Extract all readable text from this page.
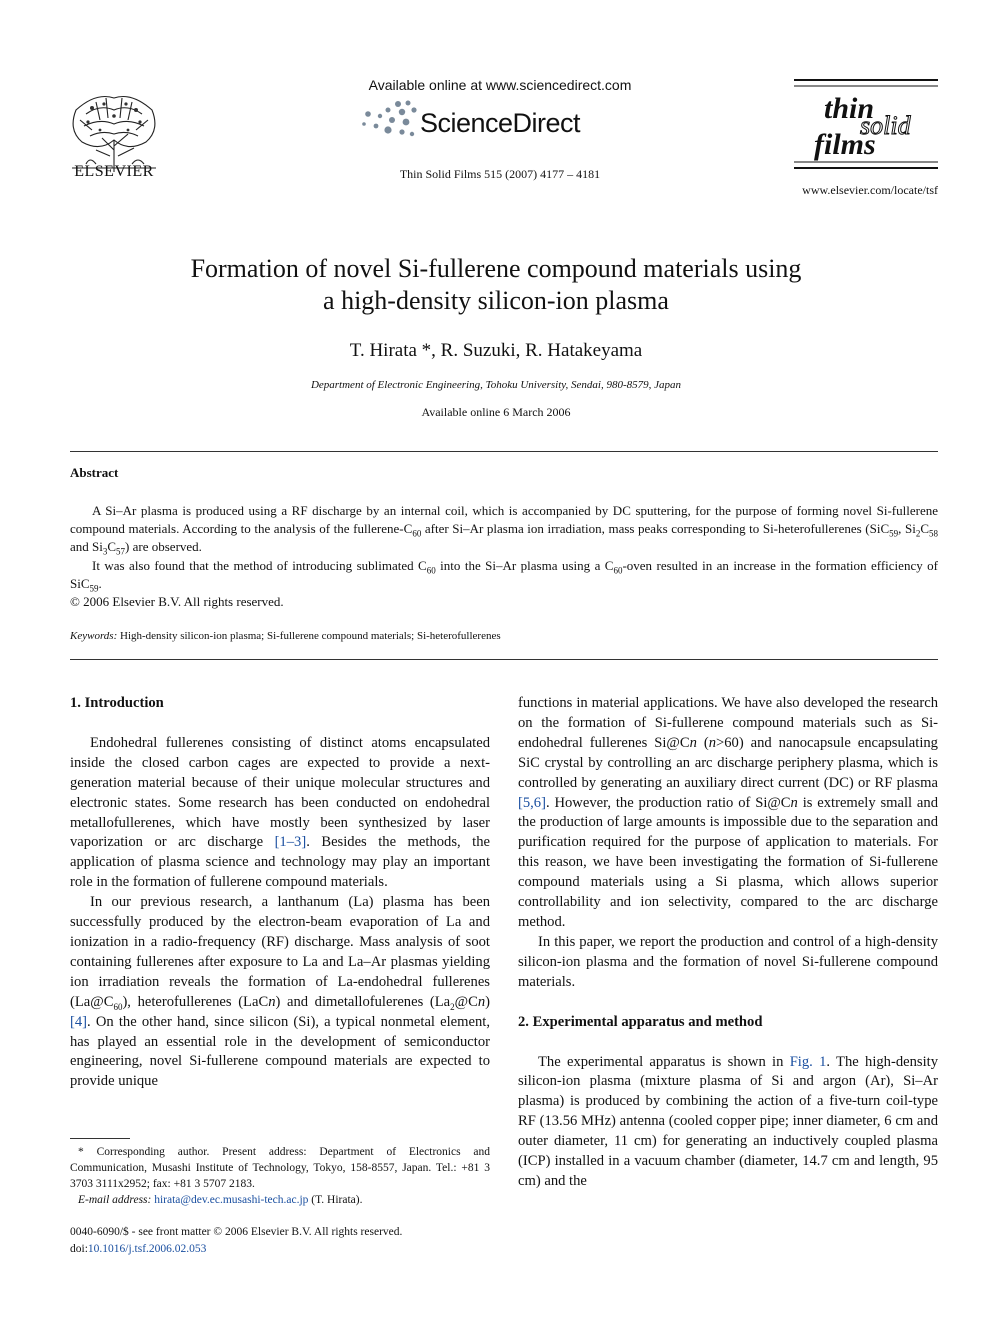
ELSEVIER
Available online at www.sciencedirect.com
ScienceDirect
Thin Solid Films 515 (2007) 4177 – 4181
thin
solid
films
www.elsevier.com/locate/tsf
Formation of novel Si-fullerene compound materials using
a high-density silicon-ion plasma
T. Hirata *, R. Suzuki, R. Hatakeyama
Department of Electronic Engineering, Tohoku University, Sendai, 980-8579, Japan
Available online 6 March 2006
Abstract

A Si–Ar plasma is produced using a RF discharge by an internal coil, which is accompanied by DC sputtering, for the purpose of forming novel Si-fullerene compound materials. According to the analysis of the fullerene-$C_{60}$ after Si–Ar plasma ion irradiation, mass peaks corresponding to Si-heterofullerenes (SiC$_{59}$, $Si_2C_{58}$ and $Si_3C_{57}$) are observed.

It was also found that the method of introducing sublimated $C_{60}$ into the Si–Ar plasma using a $C_{60}$-oven resulted in an increase in the formation efficiency of SiC$_{59}$.

© 2006 Elsevier B.V. All rights reserved.

Keywords: High-density silicon-ion plasma; Si-fullerene compound materials; Si-heterofullerenes
1. Introduction

Endohedral fullerenes consisting of distinct atoms encapsulated inside the closed carbon cages are expected to provide a next-generation material because of their unique molecular structures and electronic states. Some research has been conducted on endohedral metallofullerenes, which have mostly been synthesized by laser vaporization or arc discharge [1–3]. Besides the methods, the application of plasma science and technology may play an important role in the formation of fullerene compound materials.

In our previous research, a lanthanum (La) plasma has been successfully produced by the electron-beam evaporation of La and ionization in a radio-frequency (RF) discharge. Mass analysis of soot containing fullerenes after exposure to La and La–Ar plasmas yielding ion irradiation reveals the formation of La-endohedral fullerenes $(La@C_{60})$, heterofullerenes (LaCn) and dimetallofulerenes $(La_2@Cn)$ [4]. On the other hand, since silicon (Si), a typical nonmetal element, has played an essential role in the development of semiconductor engineering, novel Si-fullerene compound materials are expected to provide unique

functions in material applications. We have also developed the research on the formation of Si-fullerene compound materials such as Si-endohedral fullerenes Si@Cn (n>60) and nanocapsule encapsulating SiC crystal by controlling an arc discharge periphery plasma, which is controlled by generating an auxiliary direct current (DC) or RF plasma [5,6]. However, the production ratio of Si@Cn is extremely small and the production of large amounts is impossible due to the separation and purification required for the purpose of application to materials. For this reason, we have been investigating the formation of Si-fullerene compound materials using a Si plasma, which allows superior controllability and ion selectivity, compared to the arc discharge method.

In this paper, we report the production and control of a high-density silicon-ion plasma and the formation of novel Si-fullerene compound materials.

2. Experimental apparatus and method

The experimental apparatus is shown in Fig. 1. The high-density silicon-ion plasma (mixture plasma of Si and argon (Ar), Si–Ar plasma) is produced by combining the action of a five-turn coil-type RF (13.56 MHz) antenna (cooled copper pipe; inner diameter, 6 cm and outer diameter, 11 cm) for generating an inductively coupled plasma (ICP) installed in a vacuum chamber (diameter, 14.7 cm and length, 95 cm) and the

* Corresponding author. Present address: Department of Electronics and Communication, Musashi Institute of Technology, Tokyo, 158-8557, Japan. Tel.: +81 3 3703 3111x2952; fax: +81 3 5707 2183.

E-mail address: hirata@dev.ec.musashi-tech.ac.jp (T. Hirata).

0040-6090/$ - see front matter © 2006 Elsevier B.V. All rights reserved.
doi:10.1016/j.tsf.2006.02.053
